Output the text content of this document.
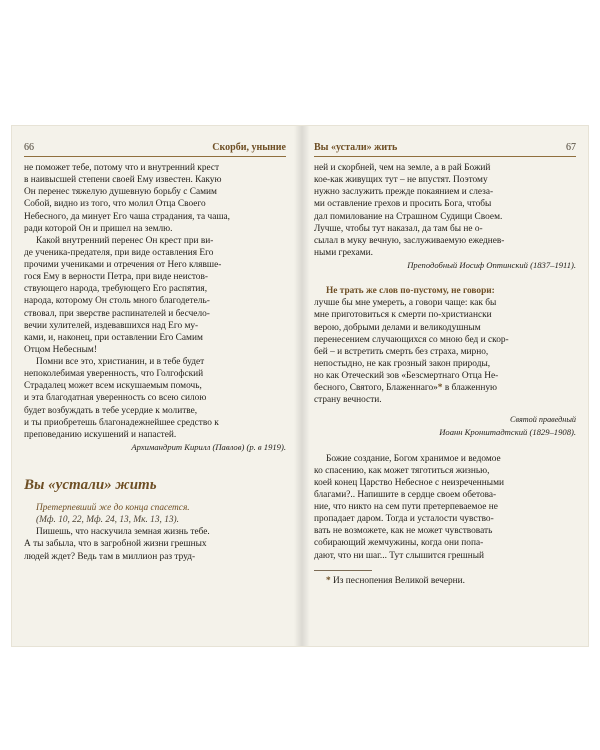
66	Скорби, уныние

не поможет тебе, потому что и внутренний крест

в наивысшей степени своей Ему известен. Какую

Он перенес тяжелую душевную борьбу с Самим

Собой, видно из того, что молил Отца Своего

Небесного, да минует Его чаша страдания, та чаша,

ради которой Он и пришел на землю.

Какой внутренний перенес Он крест при ви-

де ученика-предателя, при виде оставления Его

прочими учениками и отречения от Него клявше-

гося Ему в верности Петра, при виде неистов-

ствующего народа, требующего Его распятия,

народа, которому Он столь много благодетель-

ствовал, при зверстве распинателей и бесчело-

вечии хулителей, издевавшихся над Его му-

ками, и, наконец, при оставлении Его Самим

Отцом Небесным!

Помни все это, христианин, и в тебе будет

непоколебимая уверенность, что Голгофский

Страдалец может всем искушаемым помочь,

и эта благодатная уверенность со всею силою

будет возбуждать в тебе усердие к молитве,

и ты приобретешь благонадежнейшее средство к

преповеданию искушений и напастей.

Архимандрит Кирилл (Павлов) (р. в 1919).

Вы «устали» жить

Претерпевший же до конца спасется.

(Мф. 10, 22, Мф. 24, 13, Мк. 13, 13).

Пишешь, что наскучила земная жизнь тебе.

А ты забыла, что в загробной жизни грешных

людей ждет? Ведь там в миллион раз труд-

Вы «устали» жить	67

ней и скорбней, чем на земле, а в рай Божий

кое-как живущих тут – не впустят. Поэтому

нужно заслужить прежде покаянием и слеза-

ми оставление грехов и просить Бога, чтобы

дал помилование на Страшном Судищи Своем.

Лучше, чтобы тут наказал, да там бы не о-

сылал в муку вечную, заслуживаемую ежеднев-

ными грехами.

Преподобный Иосиф Оптинский (1837–1911).

Не трать же слов по-пустому, не говори:

лучше бы мне умереть, а говори чаще: как бы

мне приготовиться к смерти по-христиански

верою, добрыми делами и великодушным

перенесением случающихся со мною бед и скор-

бей – и встретить смерть без страха, мирно,

непостыдно, не как грозный закон природы,

но как Отеческий зов «Безсмертнаго Отца Не-

бесного, Святого, Блаженнаго»* в блаженную

страну вечности.

Святой праведный

Иоанн Кронштадтский (1829–1908).

Божие создание, Богом хранимое и ведомое

ко спасению, как может тяготиться жизнью,

коей конец Царство Небесное с неизреченными

благами?.. Напишите в сердце своем обетова-

ние, что никто на сем пути претерпеваемое не

пропадает даром. Тогда и усталости чувство-

вать не возможете, как не может чувствовать

собирающий жемчужины, когда они попа-

дают, что ни шаг... Тут слышится грешный

* Из песнопения Великой вечерни.
